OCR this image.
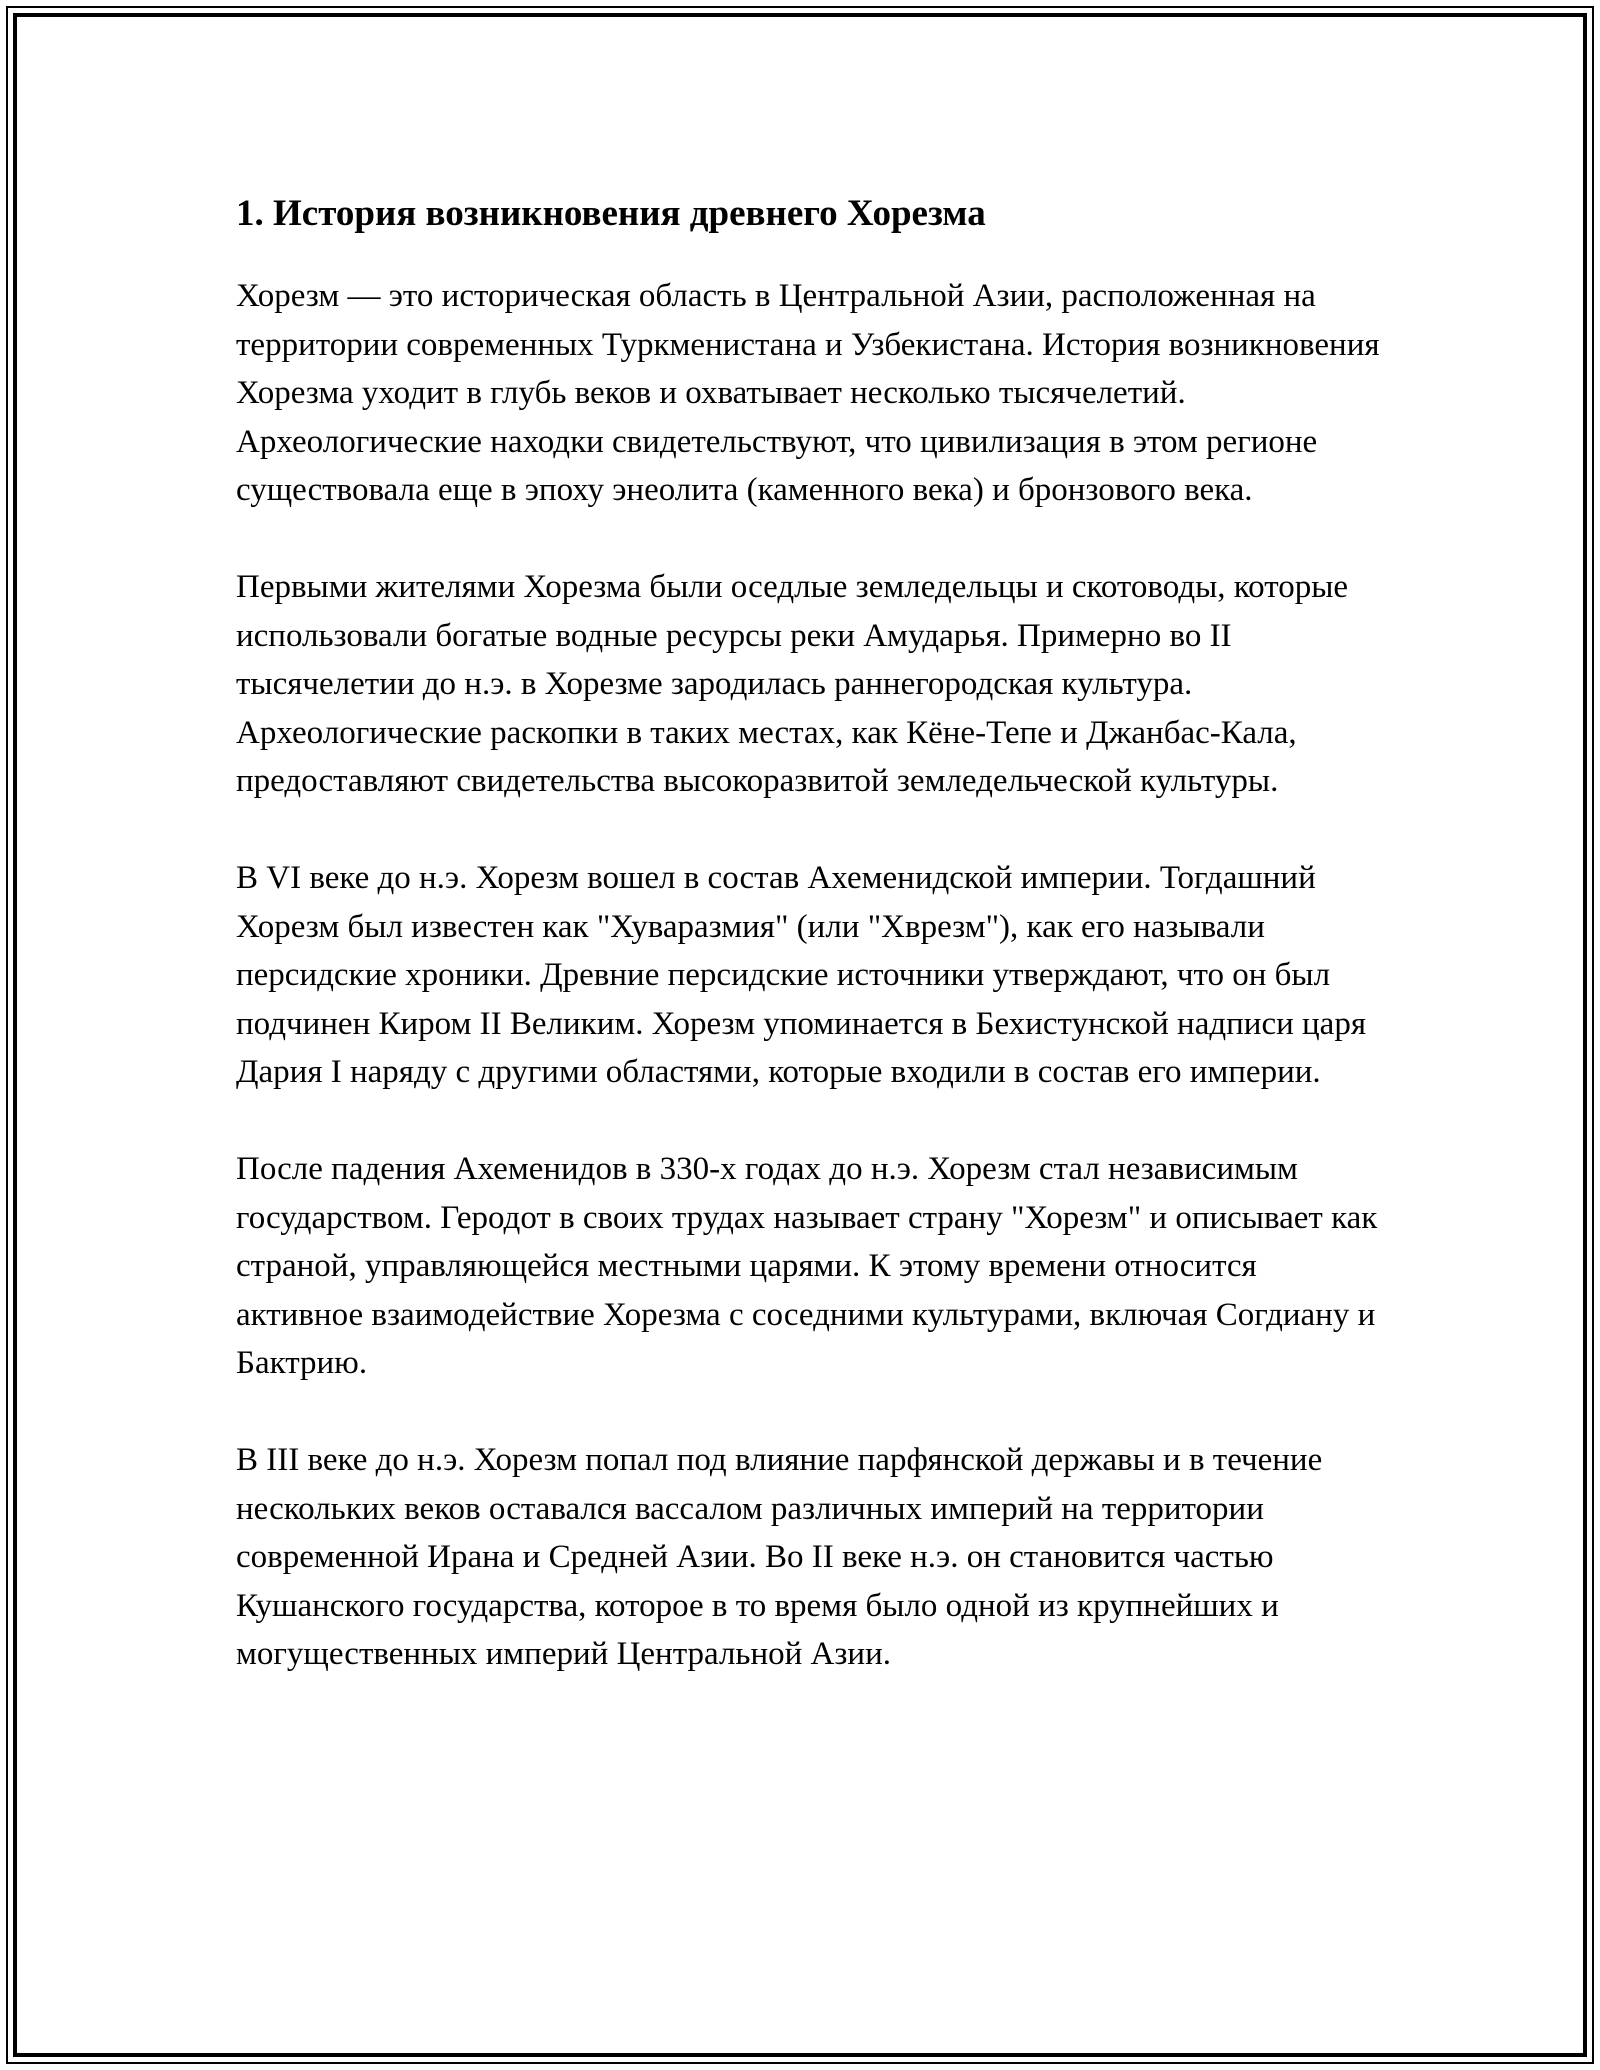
1. История возникновения древнего Хорезма

Хорезм — это историческая область в Центральной Азии, расположенная на территории современных Туркменистана и Узбекистана. История возникновения Хорезма уходит в глубь веков и охватывает несколько тысячелетий. Археологические находки свидетельствуют, что цивилизация в этом регионе существовала еще в эпоху энеолита (каменного века) и бронзового века.

Первыми жителями Хорезма были оседлые земледельцы и скотоводы, которые использовали богатые водные ресурсы реки Амударья. Примерно во II тысячелетии до н.э. в Хорезме зародилась раннегородская культура. Археологические раскопки в таких местах, как Кёне-Тепе и Джанбас-Кала, предоставляют свидетельства высокоразвитой земледельческой культуры.

В VI веке до н.э. Хорезм вошел в состав Ахеменидской империи. Тогдашний Хорезм был известен как "Хуваразмия" (или "Хврезм"), как его называли персидские хроники. Древние персидские источники утверждают, что он был подчинен Киром II Великим. Хорезм упоминается в Бехистунской надписи царя Дария I наряду с другими областями, которые входили в состав его империи.

После падения Ахеменидов в 330-х годах до н.э. Хорезм стал независимым государством. Геродот в своих трудах называет страну "Хорезм" и описывает как страной, управляющейся местными царями. К этому времени относится активное взаимодействие Хорезма с соседними культурами, включая Согдиану и Бактрию.

В III веке до н.э. Хорезм попал под влияние парфянской державы и в течение нескольких веков оставался вассалом различных империй на территории современной Ирана и Средней Азии. Во II веке н.э. он становится частью Кушанского государства, которое в то время было одной из крупнейших и могущественных империй Центральной Азии.
